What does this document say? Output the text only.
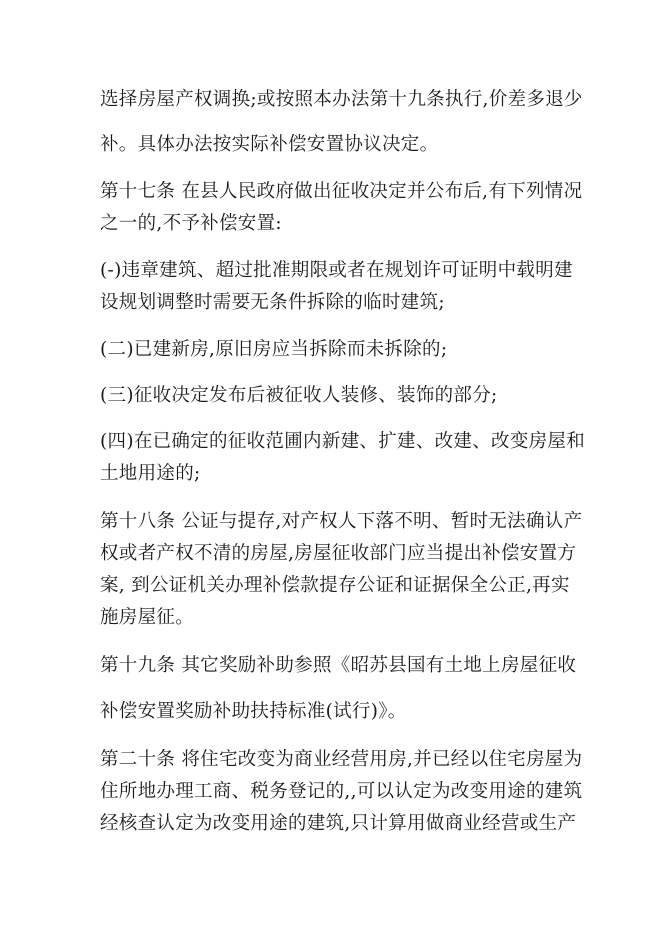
选择房屋产权调换;或按照本办法第十九条执行,价差多退少
补。具体办法按实际补偿安置协议决定。
第十七条 在县人民政府做出征收决定并公布后,有下列情况
之一的,不予补偿安置:
(-)违章建筑、超过批准期限或者在规划许可证明中载明建
设规划调整时需要无条件拆除的临时建筑;
(二)已建新房,原旧房应当拆除而未拆除的;
(三)征收决定发布后被征收人装修、装饰的部分;
(四)在已确定的征收范圃内新建、扩建、改建、改变房屋和
土地用途的;
第十八条 公证与提存,对产权人下落不明、暂时无法确认产
权或者产权不清的房屋,房屋征收部门应当提出补偿安置方
案, 到公证机关办理补偿款提存公证和证据保全公正,再实
施房屋征。
第十九条 其它奖励补助参照《昭苏县国有土地上房屋征收
补偿安置奖励补助扶持标准(试行)》。
第二十条 将住宅改变为商业经营用房,并已经以住宅房屋为
住所地办理工商、税务登记的,,可以认定为改变用途的建筑
经核查认定为改变用途的建筑,只计算用做商业经营或生产
